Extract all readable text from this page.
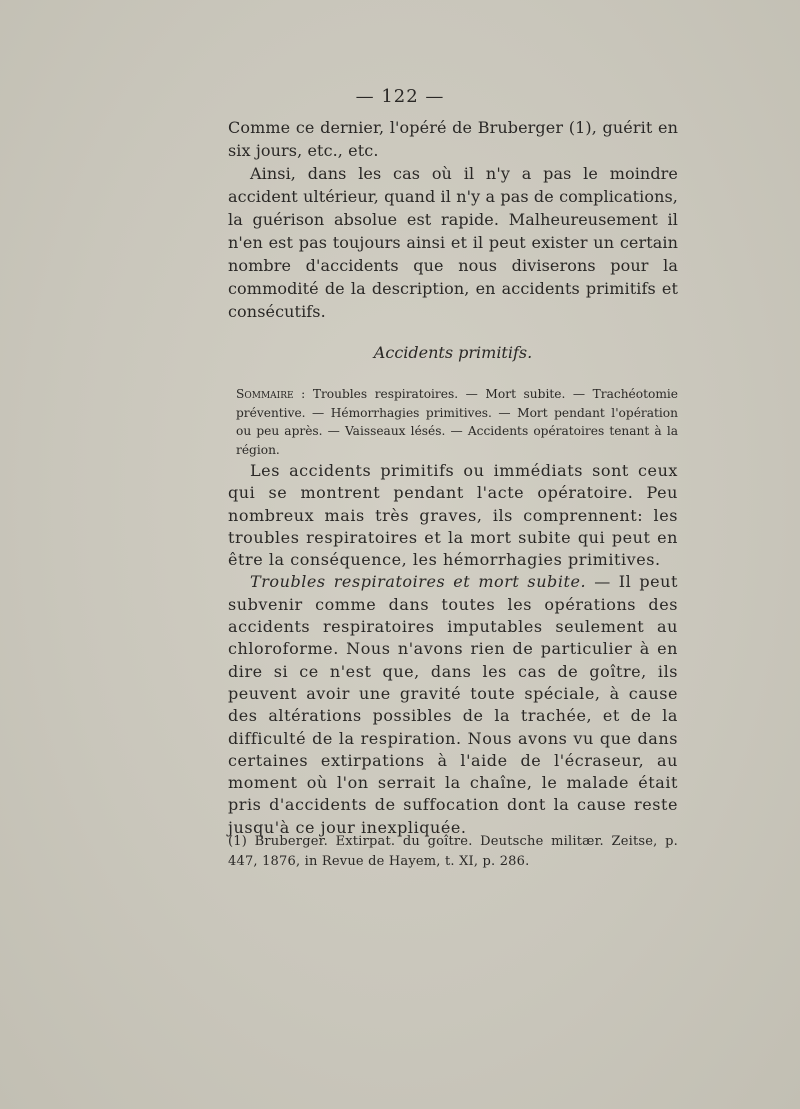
— 122 —

Comme ce dernier, l'opéré de Bruberger (1), guérit en six jours, etc., etc.

Ainsi, dans les cas où il n'y a pas le moindre accident ultérieur, quand il n'y a pas de complications, la guérison absolue est rapide. Malheureusement il n'en est pas toujours ainsi et il peut exister un certain nombre d'accidents que nous diviserons pour la commodité de la description, en accidents primitifs et consécutifs.

Accidents primitifs.

Sommaire : Troubles respiratoires. — Mort subite. — Trachéotomie préventive. — Hémorrhagies primitives. — Mort pendant l'opération ou peu après. — Vaisseaux lésés. — Accidents opératoires tenant à la région.

Les accidents primitifs ou immédiats sont ceux qui se montrent pendant l'acte opératoire. Peu nombreux mais très graves, ils comprennent: les troubles respiratoires et la mort subite qui peut en être la conséquence, les hémorrhagies primitives.

Troubles respiratoires et mort subite. — Il peut subvenir comme dans toutes les opérations des accidents respiratoires imputables seulement au chloroforme. Nous n'avons rien de particulier à en dire si ce n'est que, dans les cas de goître, ils peuvent avoir une gravité toute spéciale, à cause des altérations possibles de la trachée, et de la difficulté de la respiration. Nous avons vu que dans certaines extirpations à l'aide de l'écraseur, au moment où l'on serrait la chaîne, le malade était pris d'accidents de suffocation dont la cause reste jusqu'à ce jour inexpliquée.

(1) Bruberger. Extirpat. du goître. Deutsche militær. Zeitse, p. 447, 1876, in Revue de Hayem, t. XI, p. 286.
